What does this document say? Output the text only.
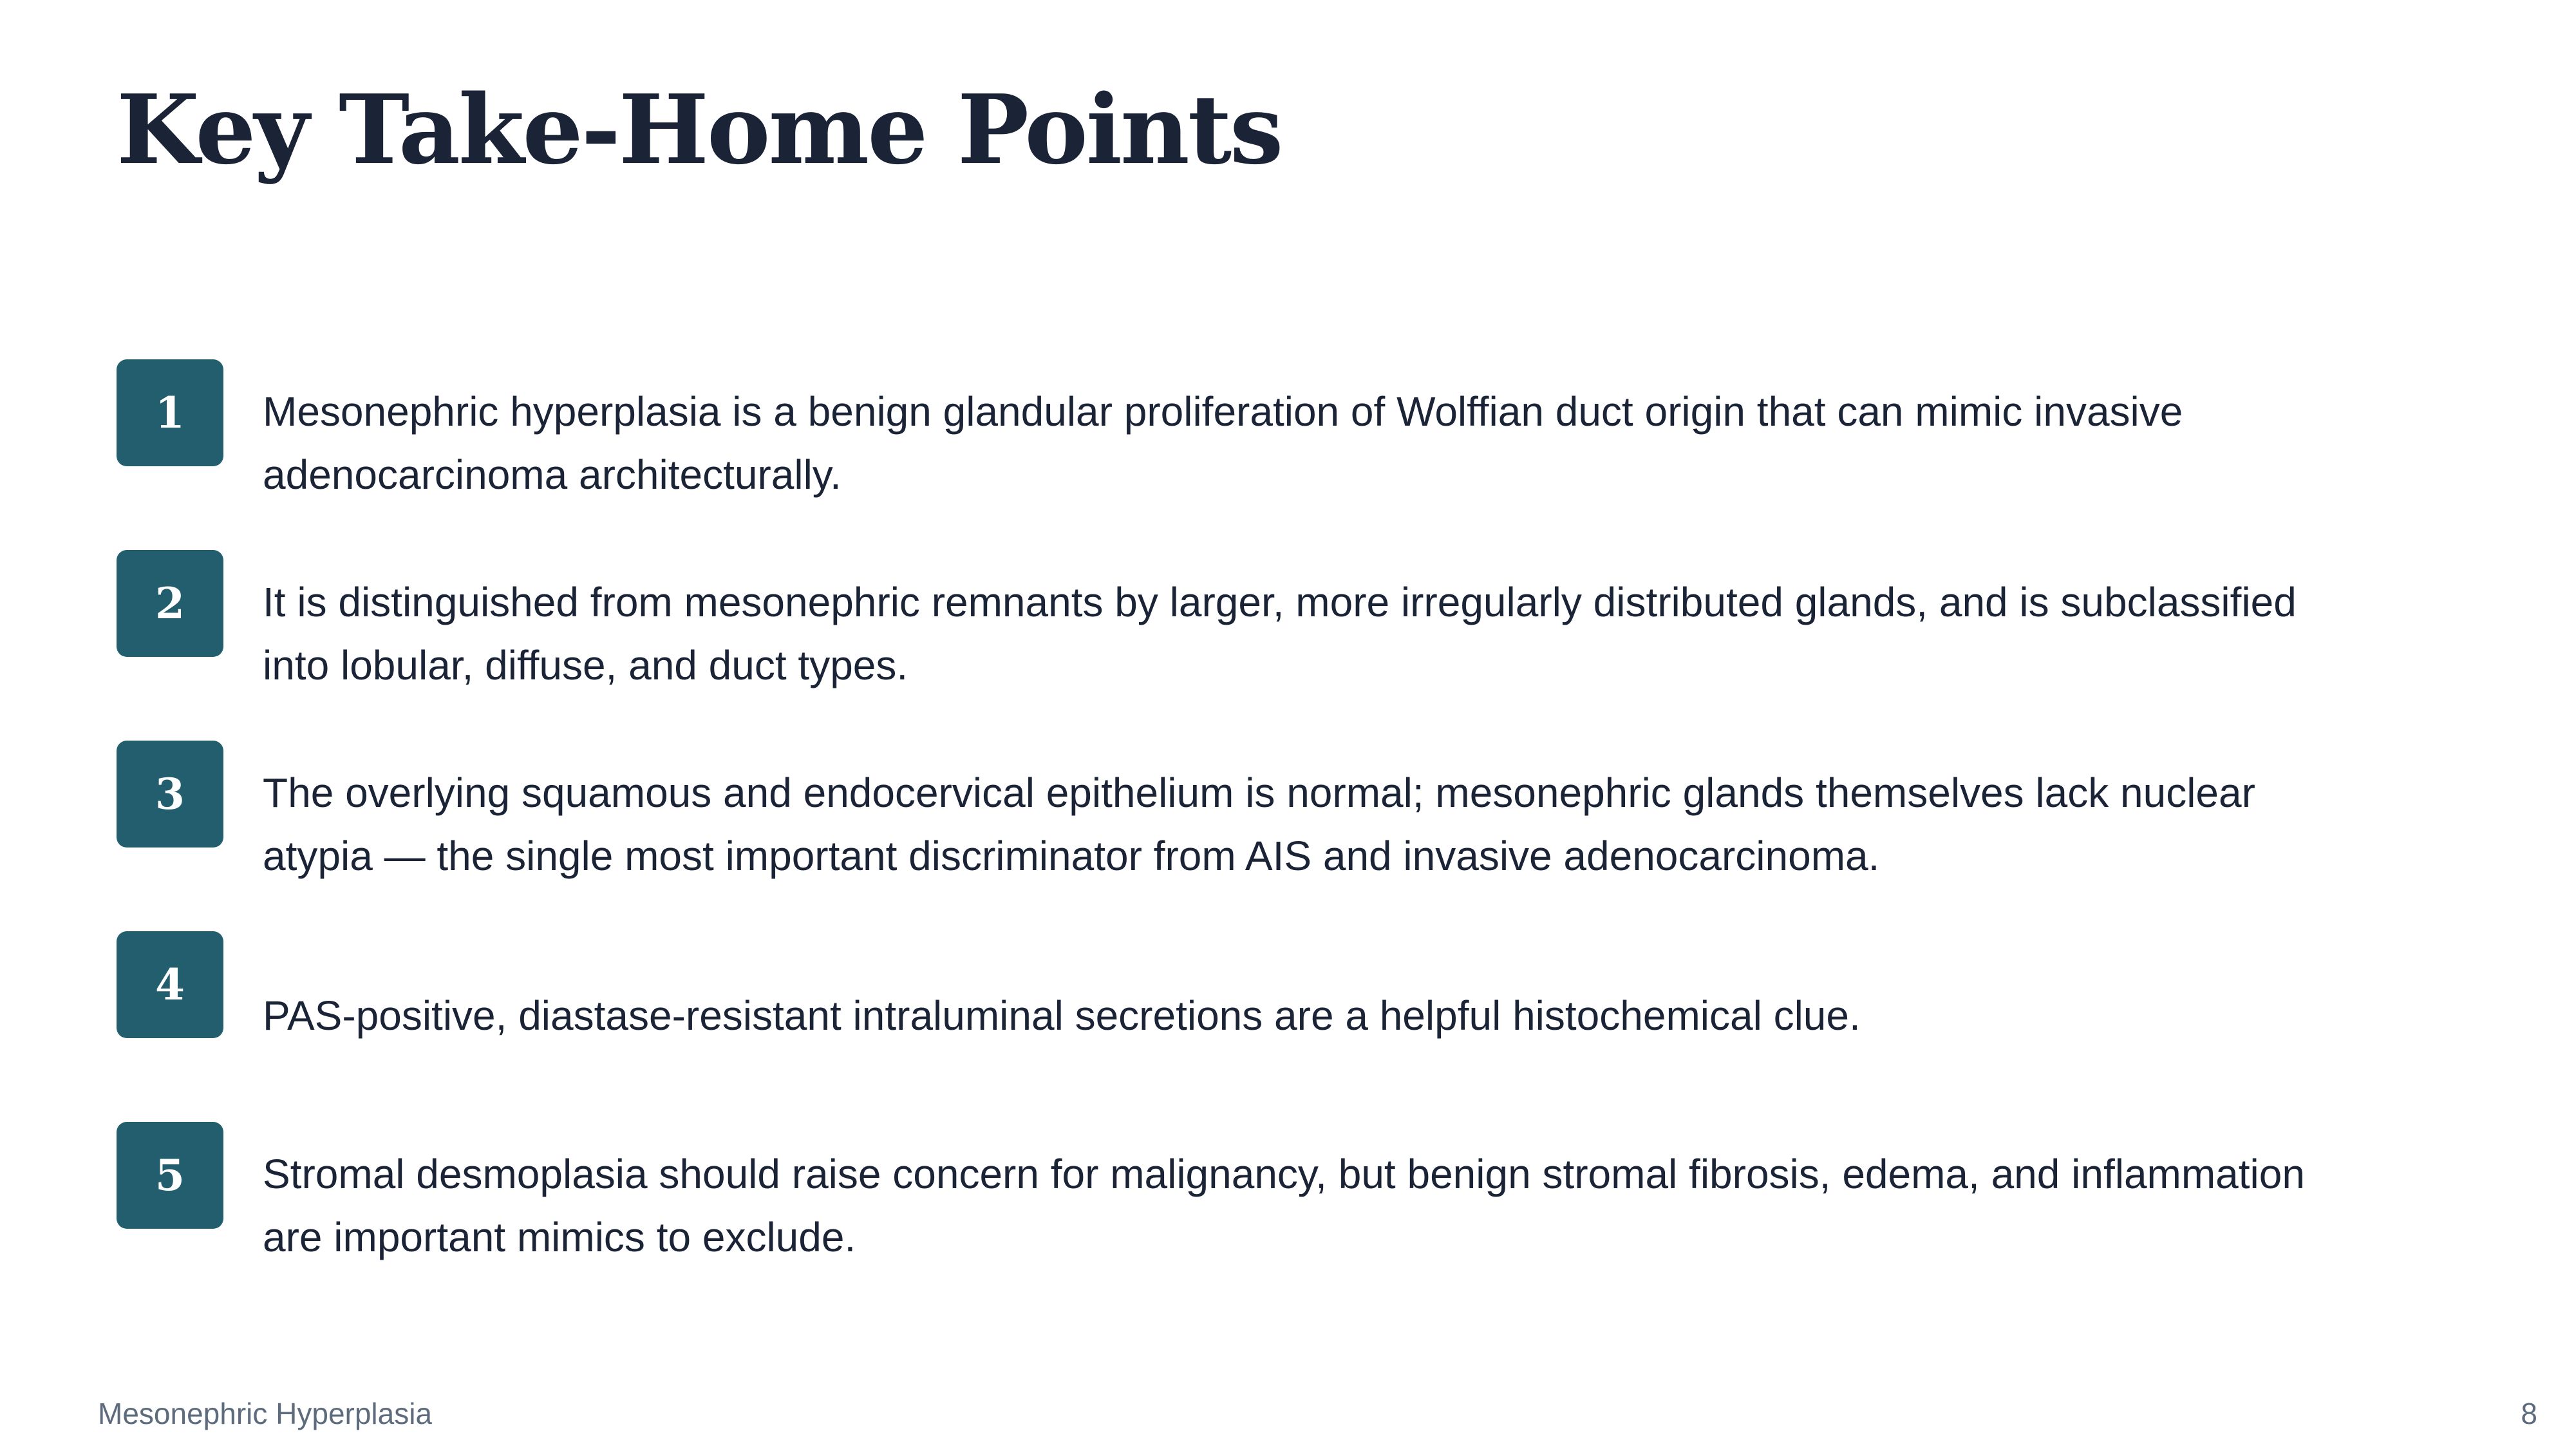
Key Take-Home Points
1	Mesonephric hyperplasia is a benign glandular proliferation of Wolffian duct origin that can mimic invasive adenocarcinoma architecturally.

2	It is distinguished from mesonephric remnants by larger, more irregularly distributed glands, and is subclassified into lobular, diffuse, and duct types.

3	The overlying squamous and endocervical epithelium is normal; mesonephric glands themselves lack nuclear atypia — the single most important discriminator from AIS and invasive adenocarcinoma.

4

PAS-positive, diastase-resistant intraluminal secretions are a helpful histochemical clue.

5	Stromal desmoplasia should raise concern for malignancy, but benign stromal fibrosis, edema, and inflammation are important mimics to exclude.

Mesonephric Hyperplasia	8
